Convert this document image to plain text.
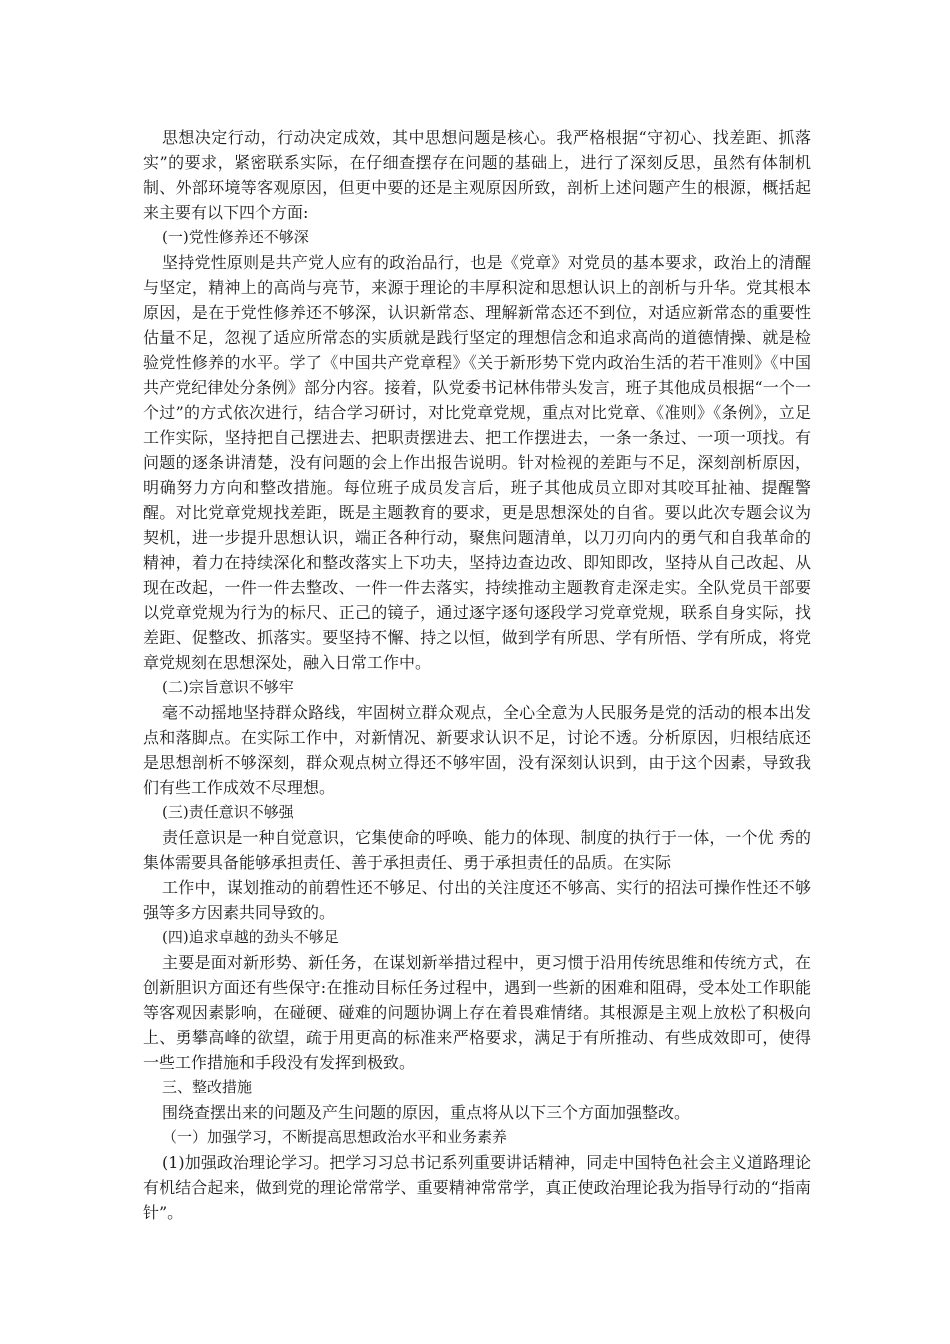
思想决定行动，行动决定成效，其中思想问题是核心。我严格根据“守初心、找差距、抓落实”的要求，紧密联系实际，在仔细查摆存在问题的基础上，进行了深刻反思，虽然有体制机制、外部环境等客观原因，但更中要的还是主观原因所致，剖析上述问题产生的根源，概括起来主要有以下四个方面:

(一)党性修养还不够深

坚持党性原则是共产党人应有的政治品行，也是《党章》对党员的基本要求，政治上的清醒与坚定，精神上的高尚与亮节，来源于理论的丰厚积淀和思想认识上的剖析与升华。党其根本原因，是在于党性修养还不够深，认识新常态、理解新常态还不到位，对适应新常态的重要性估量不足，忽视了适应所常态的实质就是践行坚定的理想信念和追求高尚的道德情操、就是检验党性修养的水平。学了《中国共产党章程》《关于新形势下党内政治生活的若干准则》《中国共产党纪律处分条例》部分内容。接着，队党委书记林伟带头发言，班子其他成员根据“一个一个过”的方式依次进行，结合学习研讨，对比党章党规，重点对比党章、《准则》《条例》，立足工作实际，坚持把自己摆进去、把职责摆进去、把工作摆进去，一条一条过、一项一项找。有问题的逐条讲清楚，没有问题的会上作出报告说明。针对检视的差距与不足，深刻剖析原因，明确努力方向和整改措施。每位班子成员发言后，班子其他成员立即对其咬耳扯袖、提醒警醒。对比党章党规找差距，既是主题教育的要求，更是思想深处的自省。要以此次专题会议为契机，进一步提升思想认识，端正各种行动，聚焦问题清单，以刀刃向内的勇气和自我革命的精神，着力在持续深化和整改落实上下功夫，坚持边查边改、即知即改，坚持从自己改起、从现在改起，一件一件去整改、一件一件去落实，持续推动主题教育走深走实。全队党员干部要以党章党规为行为的标尺、正己的镜子，通过逐字逐句逐段学习党章党规，联系自身实际，找差距、促整改、抓落实。要坚持不懈、持之以恒，做到学有所思、学有所悟、学有所成，将党章党规刻在思想深处，融入日常工作中。

(二)宗旨意识不够牢

毫不动摇地坚持群众路线，牢固树立群众观点，全心全意为人民服务是党的活动的根本出发点和落脚点。在实际工作中，对新情况、新要求认识不足，讨论不透。分析原因，归根结底还是思想剖析不够深刻，群众观点树立得还不够牢固，没有深刻认识到，由于这个因素，导致我们有些工作成效不尽理想。

(三)责任意识不够强

责任意识是一种自觉意识，它集使命的呼唤、能力的体现、制度的执行于一体，一个优 秀的集体需要具备能够承担责任、善于承担责任、勇于承担责任的品质。在实际

工作中，谋划推动的前碧性还不够足、付出的关注度还不够高、实行的招法可操作性还不够强等多方因素共同导致的。

(四)追求卓越的劲头不够足

主要是面对新形势、新任务，在谋划新举措过程中，更习惯于沿用传统思维和传统方式，在创新胆识方面还有些保守:在推动目标任务过程中，遇到一些新的困难和阻碍，受本处工作职能等客观因素影响，在碰硬、碰难的问题协调上存在着畏难情绪。其根源是主观上放松了积极向上、勇攀高峰的欲望，疏于用更高的标准来严格要求，满足于有所推动、有些成效即可，使得一些工作措施和手段没有发挥到极致。

三、整改措施

围绕查摆出来的问题及产生问题的原因，重点将从以下三个方面加强整改。

（一）加强学习，不断提高思想政治水平和业务素养

(1)加强政治理论学习。把学习习总书记系列重要讲话精神，同走中国特色社会主义道路理论有机结合起来，做到党的理论常常学、重要精神常常学，真正使政治理论我为指导行动的“指南针”。
